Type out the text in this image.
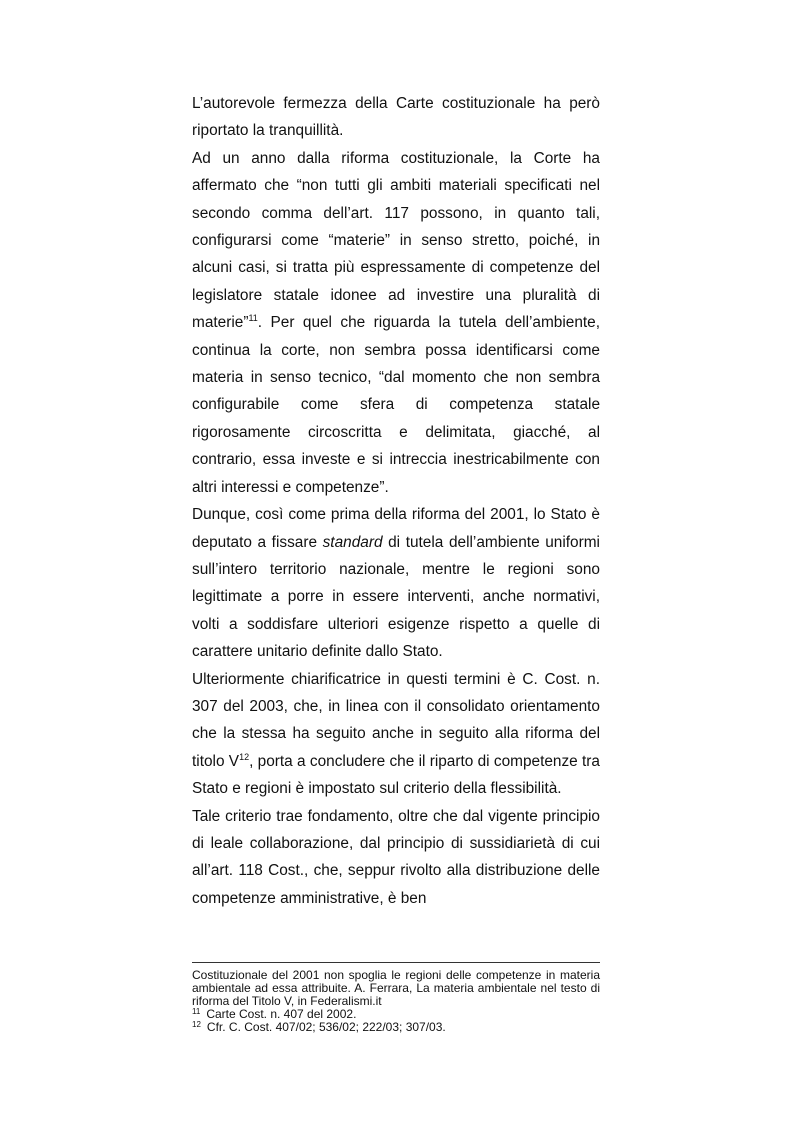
L’autorevole fermezza della Carte costituzionale ha però riportato la tranquillità.

Ad un anno dalla riforma costituzionale, la Corte ha affermato che “non tutti gli ambiti materiali specificati nel secondo comma dell’art. 117 possono, in quanto tali, configurarsi come “materie” in senso stretto, poiché, in alcuni casi, si tratta più espressamente di competenze del legislatore statale idonee ad investire una pluralità di materie”$^{11}$. Per quel che riguarda la tutela dell’ambiente, continua la corte, non sembra possa identificarsi come materia in senso tecnico, “dal momento che non sembra configurabile come sfera di competenza statale rigorosamente circoscritta e delimitata, giacché, al contrario, essa investe e si intreccia inestricabilmente con altri interessi e competenze”.

Dunque, così come prima della riforma del 2001, lo Stato è deputato a fissare standard di tutela dell’ambiente uniformi sull’intero territorio nazionale, mentre le regioni sono legittimate a porre in essere interventi, anche normativi, volti a soddisfare ulteriori esigenze rispetto a quelle di carattere unitario definite dallo Stato.

Ulteriormente chiarificatrice in questi termini è C. Cost. n. 307 del 2003, che, in linea con il consolidato orientamento che la stessa ha seguito anche in seguito alla riforma del titolo $V^{12}$, porta a concludere che il riparto di competenze tra Stato e regioni è impostato sul criterio della flessibilità.

Tale criterio trae fondamento, oltre che dal vigente principio di leale collaborazione, dal principio di sussidiarietà di cui all’art. 118 Cost., che, seppur rivolto alla distribuzione delle competenze amministrative, è ben

Costituzionale del 2001 non spoglia le regioni delle competenze in materia ambientale ad essa attribuite. A. Ferrara, La materia ambientale nel testo di riforma del Titolo V, in Federalismi.it

$^{11}$ Carte Cost. n. 407 del 2002.

$^{12}$ Cfr. C. Cost. 407/02; 536/02; 222/03; 307/03.
